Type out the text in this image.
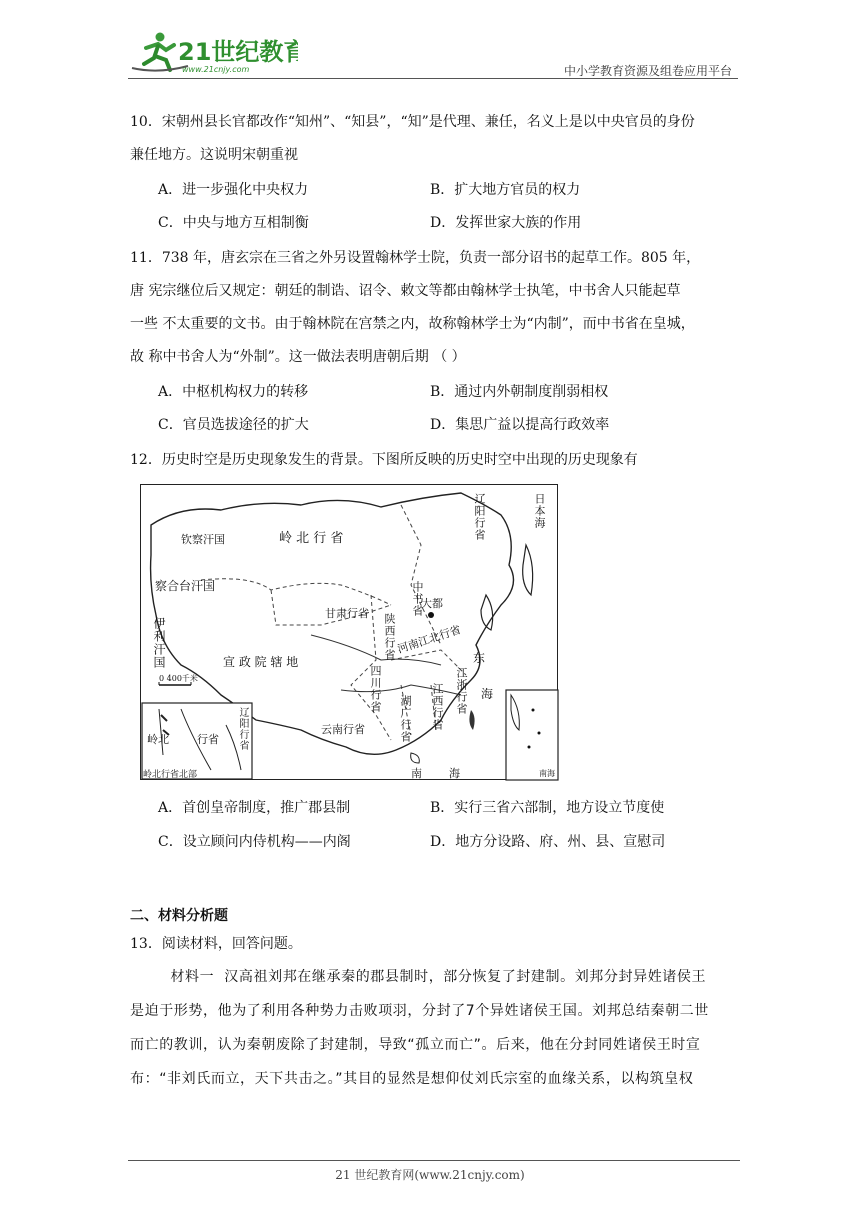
21世纪教育
www.21cnjy.com	中小学教育资源及组卷应用平台
10．宋朝州县长官都改作“知州”、“知县”，“知”是代理、兼任，名义上是以中央官员的身份
兼任地方。这说明宋朝重视
A．进一步强化中央权力	B．扩大地方官员的权力
C．中央与地方互相制衡	D．发挥世家大族的作用
11．738 年，唐玄宗在三省之外另设置翰林学士院，负责一部分诏书的起草工作。805 年，
唐 宪宗继位后又规定：朝廷的制诰、诏令、敕文等都由翰林学士执笔，中书舍人只能起草
一些 不太重要的文书。由于翰林院在宫禁之内，故称翰林学士为“内制”，而中书省在皇城，
故 称中书舍人为“外制”。这一做法表明唐朝后期 （ ）
A．中枢机构权力的转移	B．通过内外朝制度削弱相权
C．官员选拔途径的扩大	D．集思广益以提高行政效率
12．历史时空是历史现象发生的背景。下图所反映的历史时空中出现的历史现象有
钦察汗国	岭 北 行 省	辽阳行省
察合台汗国
伊利汗国
甘肃行省	中书省
大都
陕西行省
宣 政 院 辖 地
河南江北行省
四川行省	江浙行省
江西行省
湖广行省
云南行省
东
海
南 海
日本海
0 400千米
岭北	行省 辽阳行省
岭北行省北部	南海
A．首创皇帝制度，推广郡县制	B．实行三省六部制，地方设立节度使
C．设立顾问内侍机构——内阁	D．地方分设路、府、州、县、宣慰司
二、材料分析题
13．阅读材料，回答问题。
材料一  汉高祖刘邦在继承秦的郡县制时，部分恢复了封建制。刘邦分封异姓诸侯王
是迫于形势，他为了利用各种势力击败项羽，分封了7个异姓诸侯王国。刘邦总结秦朝二世
而亡的教训，认为秦朝废除了封建制，导致“孤立而亡”。后来，他在分封同姓诸侯王时宣
布：“非刘氏而立，天下共击之。”其目的显然是想仰仗刘氏宗室的血缘关系，以构筑皇权
21 世纪教育网(www.21cnjy.com)
